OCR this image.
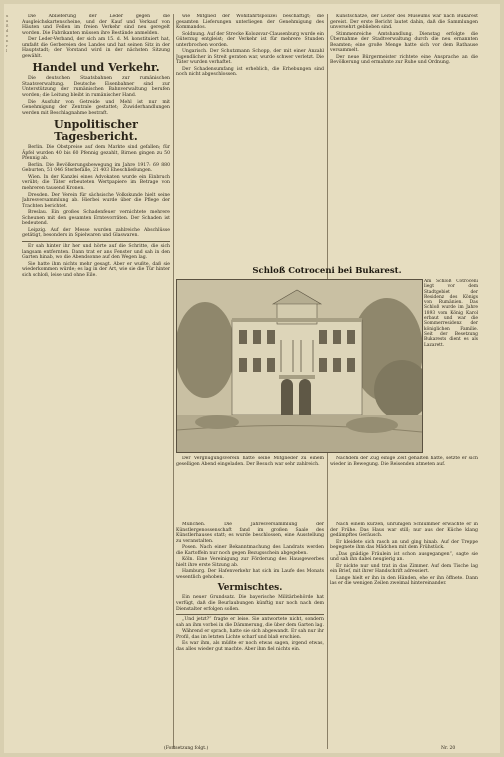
u
a
ß
d
e
n
r
l

Die Ablieferung der Leder gegen die Ausgleichskartenscheine, und der Kauf und Verkauf von Häuten und Fellen im freien Verkehr sind neu geregelt worden. Die Fabrikanten müssen ihre Bestände anmelden.

Der Leder-Verband, der sich am 15. d. M. konstituiert hat, umfaßt die Gerbereien des Landes und hat seinen Sitz in der Hauptstadt; der Vorstand wird in der nächsten Sitzung gewählt.

Handel und Verkehr.

Die deutschen Staatsbahnen zur rumänischen Staatsverwaltung. Deutsche Eisenbahner sind zur Unterstützung der rumänischen Bahnverwaltung berufen worden; die Leitung bleibt in rumänischer Hand.

Die Ausfuhr von Getreide und Mehl ist nur mit Genehmigung der Zentrale gestattet; Zuwiderhandlungen werden mit Beschlagnahme bestraft.

Unpolitischer Tagesbericht.

Berlin. Die Obstpreise auf dem Markte sind gefallen; für Äpfel wurden 40 bis 60 Pfennig gezahlt, Birnen gingen zu 50 Pfennig ab.

Berlin. Die Bevölkerungsbewegung im Jahre 1917: 69 880 Geburten, 51 046 Sterbefälle, 21 403 Eheschließungen.

Wien. In der Kanzlei eines Advokaten wurde ein Einbruch verübt; die Täter erbeuteten Wertpapiere im Betrage von mehreren tausend Kronen.

Dresden. Der Verein für sächsische Volkskunde hielt seine Jahresversammlung ab. Hierbei wurde über die Pflege der Trachten berichtet.

Breslau. Ein großes Schadenfeuer vernichtete mehrere Scheunen mit den gesamten Erntevorräten. Der Schaden ist bedeutend.

Leipzig. Auf der Messe wurden zahlreiche Abschlüsse getätigt, besonders in Spielwaren und Glaswaren.

Er sah hinter ihr her und hörte auf die Schritte, die sich langsam entfernten. Dann trat er ans Fenster und sah in den Garten hinab, wo die Abendsonne auf den Wegen lag.

Sie hatte ihm nichts mehr gesagt. Aber er wußte, daß sie wiederkommen würde; es lag in der Art, wie sie die Tür hinter sich schloß, leise und ohne Eile.

wie Mitglied der Wohlfahrtspolizei beschäftigt; die gesamten Lieferungen unterliegen der Genehmigung des Kommandos.

Soldnung. Auf der Strecke Kolozsvar-Clausenburg wurde ein Güterzug entgleist; der Verkehr ist für mehrere Stunden unterbrochen worden.

Ungarisch. Der Schutzmann Schopp, der mit einer Anzahl Jugendlicher in Streit geraten war, wurde schwer verletzt. Die Täter wurden verhaftet.

Der Schadensumfang ist erheblich, die Erhebungen sind noch nicht abgeschlossen.

Kunstschätze, der Leiter des Museums war nach Bukarest gereist. Der erste Bericht lautet dahin, daß die Sammlungen unversehrt geblieben sind.

Stimmenreiche Amtshandlung. Dienstag erfolgte die Übernahme der Stadtverwaltung durch die neu ernannten Beamten; eine große Menge hatte sich vor dem Rathause versammelt.

Der neue Bürgermeister richtete eine Ansprache an die Bevölkerung und ermahnte zur Ruhe und Ordnung.

Schloß Cotroceni bei Bukarest.
Am Schloß Cotroceni liegt vor dem Stadtgebiet der Residenz des Königs von Rumänien. Das Schloß wurde im Jahre 1893 vom König Karol erbaut und war die Sommerresidenz der königlichen Familie. Seit der Besetzung Bukarests dient es als Lazarett.

Der Vergnügungsverein hatte seine Mitglieder zu einem geselligen Abend eingeladen. Der Besuch war sehr zahlreich.

Nachdem der Zug einige Zeit gehalten hatte, setzte er sich wieder in Bewegung. Die Reisenden atmeten auf.

München. Die Jahresversammlung der Künstlergenossenschaft fand im großen Saale des Künstlerhauses statt; es wurde beschlossen, eine Ausstellung zu veranstalten.

Posen. Nach einer Bekanntmachung des Landrats werden die Kartoffeln nur noch gegen Bezugsschein abgegeben.

Köln. Eine Vereinigung zur Förderung des Hausgewerbes hielt ihre erste Sitzung ab.

Hamburg. Der Hafenverkehr hat sich im Laufe des Monats wesentlich gehoben.

Vermischtes.

Ein neuer Grundsatz. Die bayerische Militärbehörde hat verfügt, daß die Beurlaubungen künftig nur noch nach dem Dienstalter erfolgen sollen.

„Und jetzt?“ fragte er leise. Sie antwortete nicht, sondern sah an ihm vorbei in die Dämmerung, die über dem Garten lag.

Während er sprach, hatte sie sich abgewandt. Er sah nur ihr Profil, das im letzten Lichte scharf und blaß erschien.

Es war ihm, als müßte er noch etwas sagen, irgend etwas, das alles wieder gut machte. Aber ihm fiel nichts ein.

Nach einem kurzen, unruhigen Schlummer erwachte er in der Frühe. Das Haus war still; nur aus der Küche klang gedämpftes Geräusch.

Er kleidete sich rasch an und ging hinab. Auf der Treppe begegnete ihm das Mädchen mit dem Frühstück.

„Das gnädige Fräulein ist schon ausgegangen“, sagte sie und sah ihn dabei neugierig an.

Er nickte nur und trat in das Zimmer. Auf dem Tische lag ein Brief, mit ihrer Handschrift adressiert.

Lange hielt er ihn in den Händen, ehe er ihn öffnete. Dann las er die wenigen Zeilen zweimal hintereinander.

(Fortsetzung folgt.)	Nr. 20
